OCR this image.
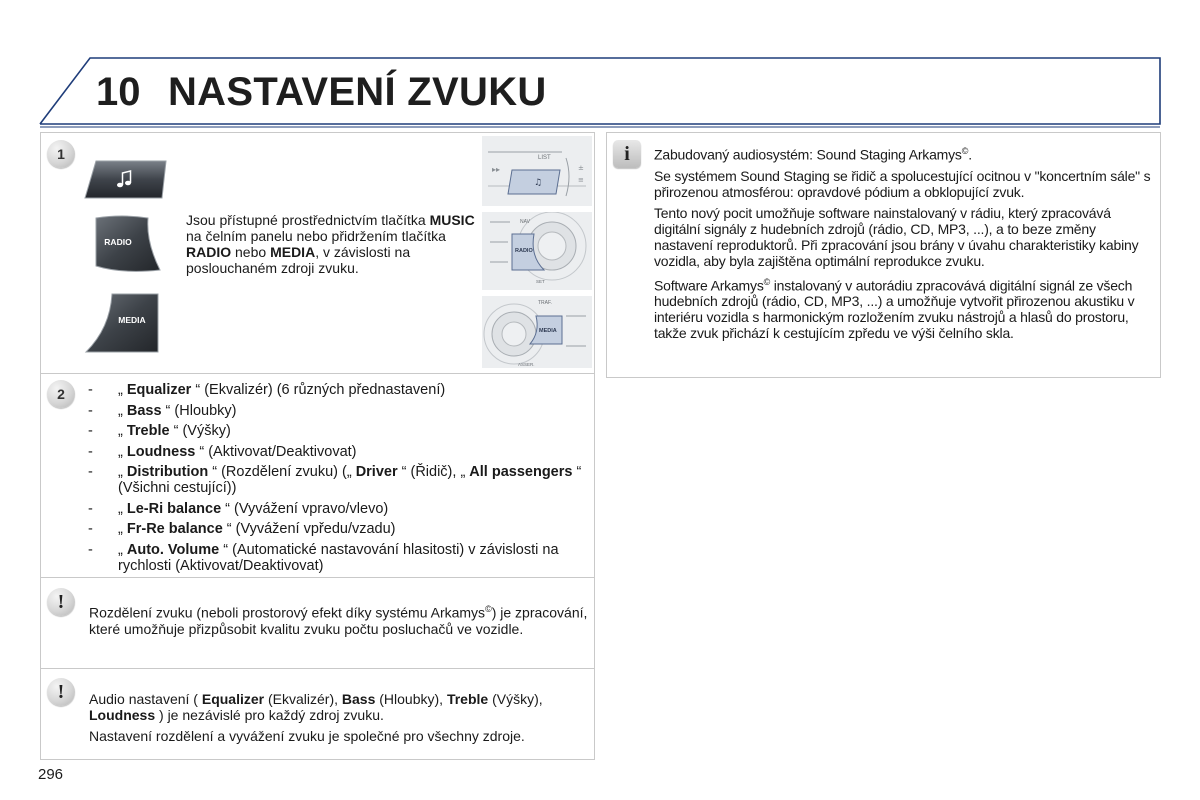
10 NASTAVENÍ ZVUKU
1
RADIO
MEDIA
Jsou přístupné prostřednictvím tlačítka MUSIC na čelním panelu nebo přidržením tlačítka RADIO nebo MEDIA, v závislosti na poslouchaném zdroji zvuku.
LIST
▸▸
♫
±
≡
NAV
RADIO
SET
TRAF.
MEDIA
ASSER.
2
-	„ Equalizer “ (Ekvalizér) (6 různých přednastavení)
- „ Bass “ (Hloubky)
- „ Treble “ (Výšky)
- „ Loudness “ (Aktivovat/Deaktivovat)
- „ Distribution “ (Rozdělení zvuku) („ Driver “ (Řidič), „ All passengers “ (Všichni cestující))
- „ Le-Ri balance “ (Vyvážení vpravo/vlevo)
- „ Fr-Re balance “ (Vyvážení vpředu/vzadu)
- „ Auto. Volume “ (Automatické nastavování hlasitosti) v závislosti na rychlosti (Aktivovat/Deaktivovat)
!	Rozdělení zvuku (neboli prostorový efekt díky systému Arkamys©) je zpracování, které umožňuje přizpůsobit kvalitu zvuku počtu posluchačů ve vozidle.
!	Audio nastavení ( Equalizer (Ekvalizér), Bass (Hloubky), Treble (Výšky), Loudness ) je nezávislé pro každý zdroj zvuku.

Nastavení rozdělení a vyvážení zvuku je společné pro všechny zdroje.

i	Zabudovaný audiosystém: Sound Staging Arkamys©.

Se systémem Sound Staging se řidič a spolucestující ocitnou v "koncertním sále" s přirozenou atmosférou: opravdové pódium a obklopující zvuk.

Tento nový pocit umožňuje software nainstalovaný v rádiu, který zpracovává digitální signály z hudebních zdrojů (rádio, CD, MP3, ...), a to beze změny nastavení reproduktorů. Při zpracování jsou brány v úvahu charakteristiky kabiny vozidla, aby byla zajištěna optimální reprodukce zvuku.

Software Arkamys© instalovaný v autorádiu zpracovává digitální signál ze všech hudebních zdrojů (rádio, CD, MP3, ...) a umožňuje vytvořit přirozenou akustiku v interiéru vozidla s harmonickým rozložením zvuku nástrojů a hlasů do prostoru, takže zvuk přichází k cestujícím zpředu ve výši čelního skla.

296
